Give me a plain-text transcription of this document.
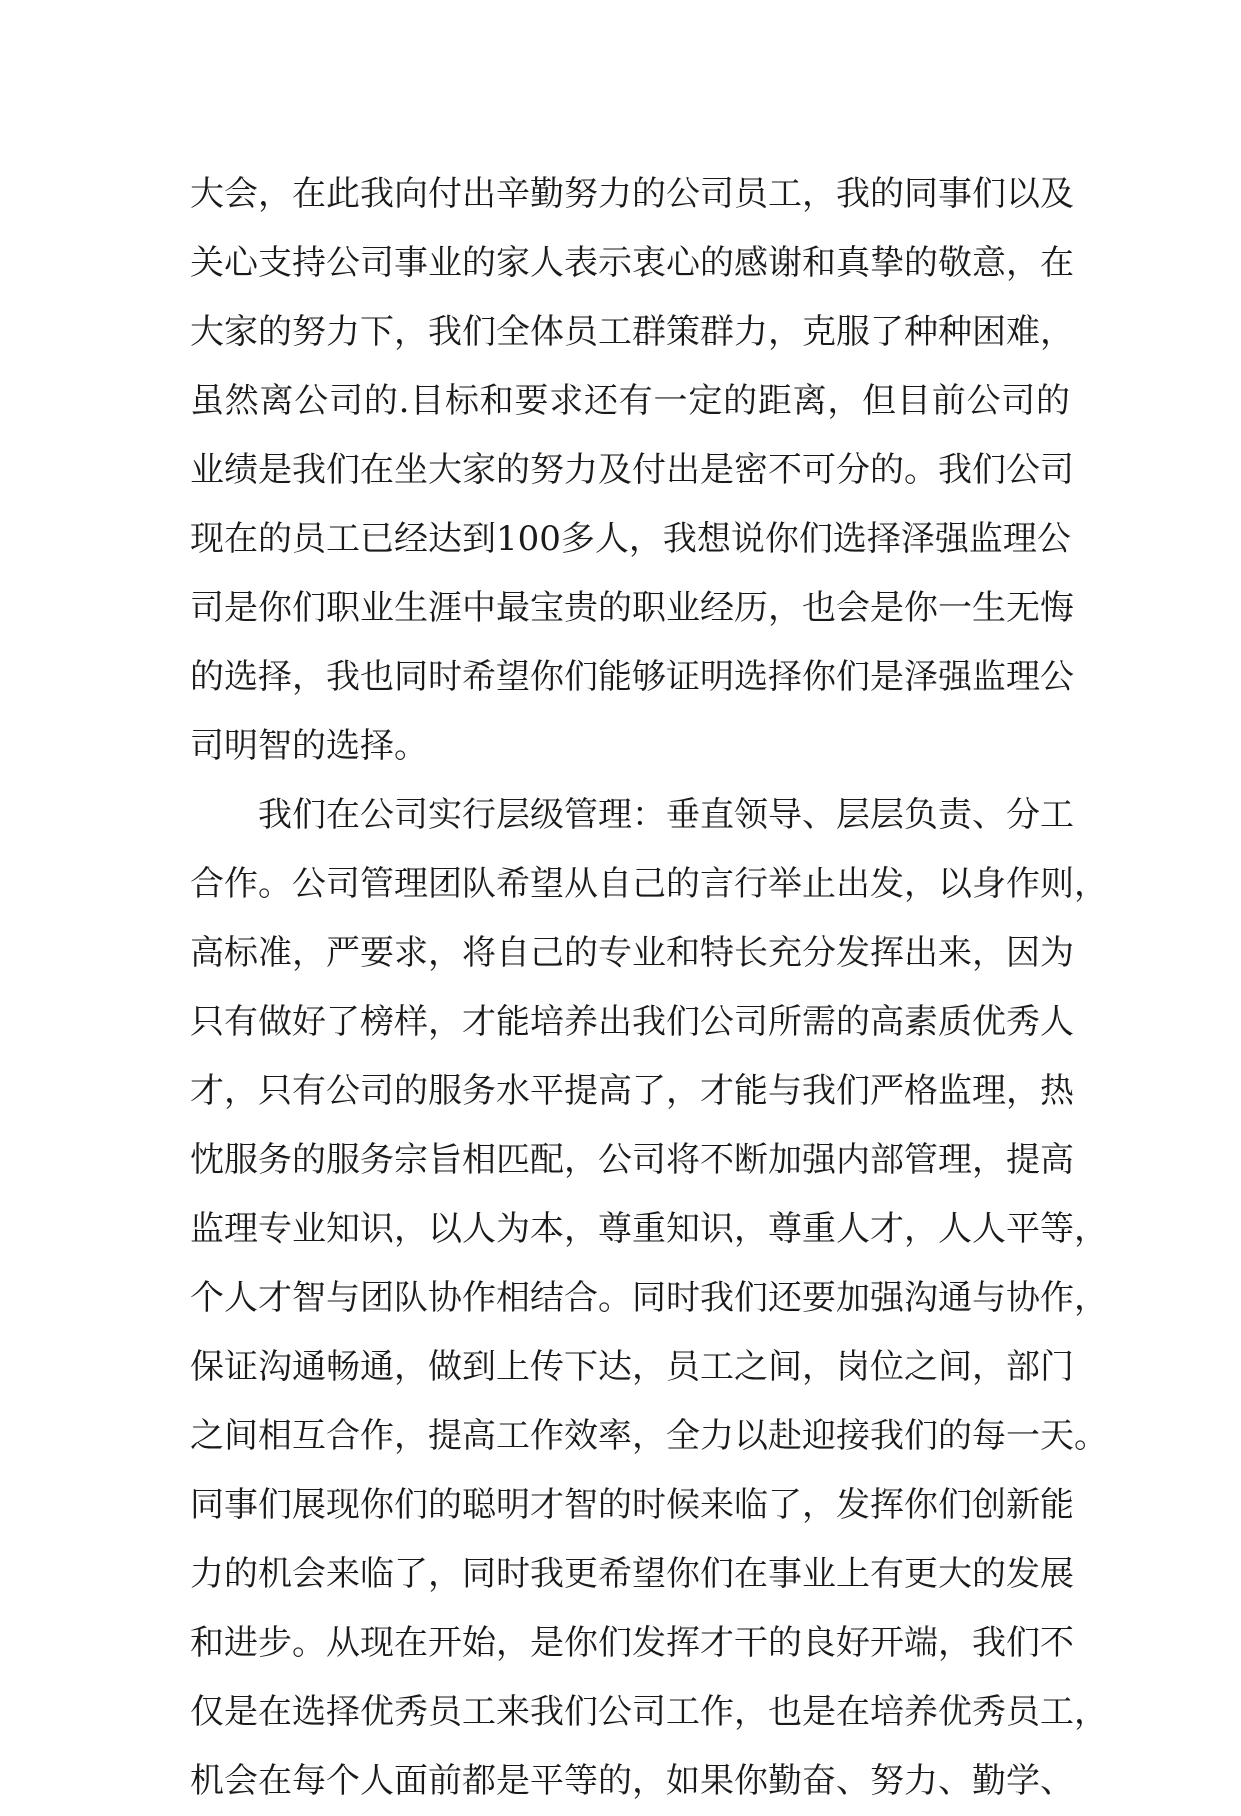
大会，在此我向付出辛勤努力的公司员工，我的同事们以及
关心支持公司事业的家人表示衷心的感谢和真挚的敬意，在
大家的努力下，我们全体员工群策群力，克服了种种困难，
虽然离公司的.目标和要求还有一定的距离，但目前公司的
业绩是我们在坐大家的努力及付出是密不可分的。我们公司
现在的员工已经达到100多人，我想说你们选择泽强监理公
司是你们职业生涯中最宝贵的职业经历，也会是你一生无悔
的选择，我也同时希望你们能够证明选择你们是泽强监理公
司明智的选择。
我们在公司实行层级管理：垂直领导、层层负责、分工
合作。公司管理团队希望从自己的言行举止出发，以身作则，
高标准，严要求，将自己的专业和特长充分发挥出来，因为
只有做好了榜样，才能培养出我们公司所需的高素质优秀人
才，只有公司的服务水平提高了，才能与我们严格监理，热
忱服务的服务宗旨相匹配，公司将不断加强内部管理，提高
监理专业知识，以人为本，尊重知识，尊重人才，人人平等，
个人才智与团队协作相结合。同时我们还要加强沟通与协作，
保证沟通畅通，做到上传下达，员工之间，岗位之间，部门
之间相互合作，提高工作效率，全力以赴迎接我们的每一天。
同事们展现你们的聪明才智的时候来临了，发挥你们创新能
力的机会来临了，同时我更希望你们在事业上有更大的发展
和进步。从现在开始，是你们发挥才干的良好开端，我们不
仅是在选择优秀员工来我们公司工作，也是在培养优秀员工，
机会在每个人面前都是平等的，如果你勤奋、努力、勤学、
